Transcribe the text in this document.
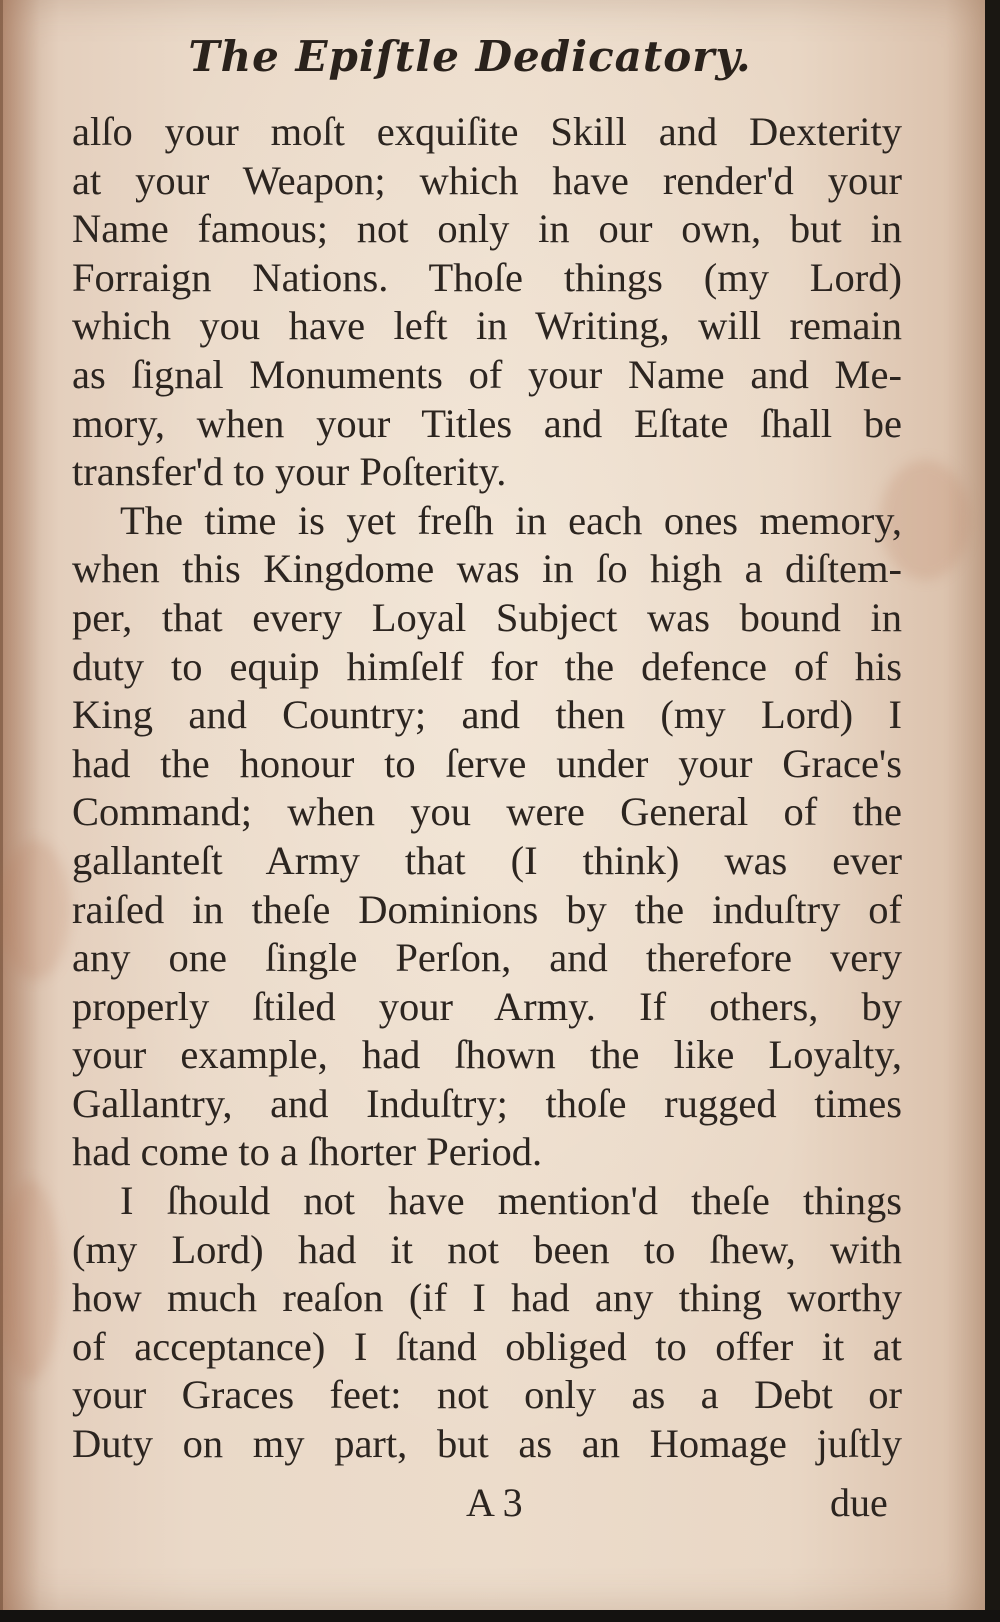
The Epiſtle Dedicatory.
alſo your moſt exquiſite Skill and Dexterity
at your Weapon; which have render'd your
Name famous; not only in our own, but in
Forraign Nations. Thoſe things (my Lord)
which you have left in Writing, will remain
as ſignal Monuments of your Name and Me-
mory, when your Titles and Eſtate ſhall be
transfer'd to your Poſterity.
The time is yet freſh in each ones memory,
when this Kingdome was in ſo high a diſtem-
per, that every Loyal Subject was bound in
duty to equip himſelf for the defence of his
King and Country; and then (my Lord) I
had the honour to ſerve under your Grace's
Command; when you were General of the
gallanteſt Army that (I think) was ever
raiſed in theſe Dominions by the induſtry of
any one ſingle Perſon, and therefore very
properly ſtiled your Army. If others, by
your example, had ſhown the like Loyalty,
Gallantry, and Induſtry; thoſe rugged times
had come to a ſhorter Period.
I ſhould not have mention'd theſe things
(my Lord) had it not been to ſhew, with
how much reaſon (if I had any thing worthy
of acceptance) I ſtand obliged to offer it at
your Graces feet: not only as a Debt or
Duty on my part, but as an Homage juſtly
A 3	due
